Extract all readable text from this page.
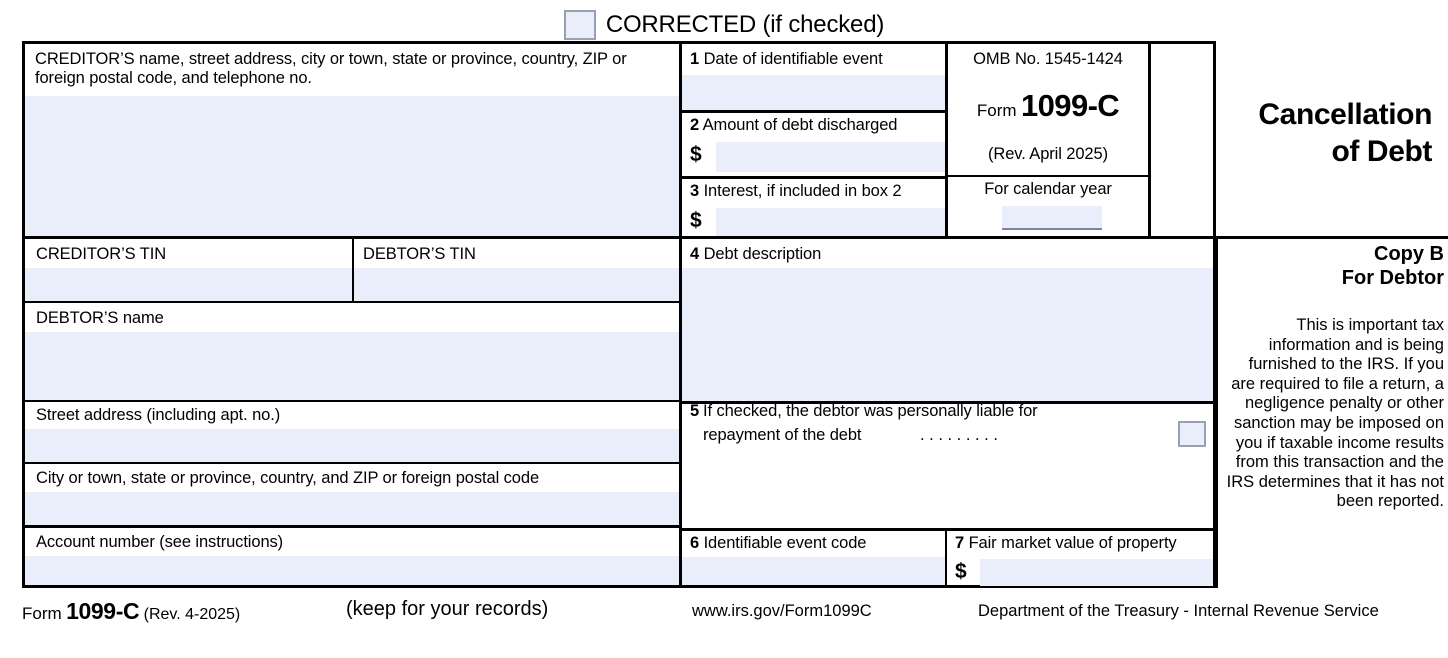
CORRECTED (if checked)
CREDITOR’S name, street address, city or town, state or province, country, ZIP or foreign postal code, and telephone no.
1 Date of identifiable event
2 Amount of debt discharged
$
3 Interest, if included in box 2
$
OMB No. 1545-1424
Form 1099-C
(Rev. April 2025)
For calendar year
Cancellation
of Debt
Copy B
For Debtor
This is important tax information and is being furnished to the IRS. If you are required to file a return, a negligence penalty or other sanction may be imposed on you if taxable income results from this transaction and the IRS determines that it has not been reported.
CREDITOR’S TIN	DEBTOR’S TIN
DEBTOR’S name
Street address (including apt. no.)
City or town, state or province, country, and ZIP or foreign postal code
Account number (see instructions)
4 Debt description
5 If checked, the debtor was personally liable for
repayment of the debt	. . . . . . . . .
6 Identifiable event code	7 Fair market value of property
$
Form 1099-C (Rev. 4-2025)	(keep for your records)	www.irs.gov/Form1099C	Department of the Treasury - Internal Revenue Service
